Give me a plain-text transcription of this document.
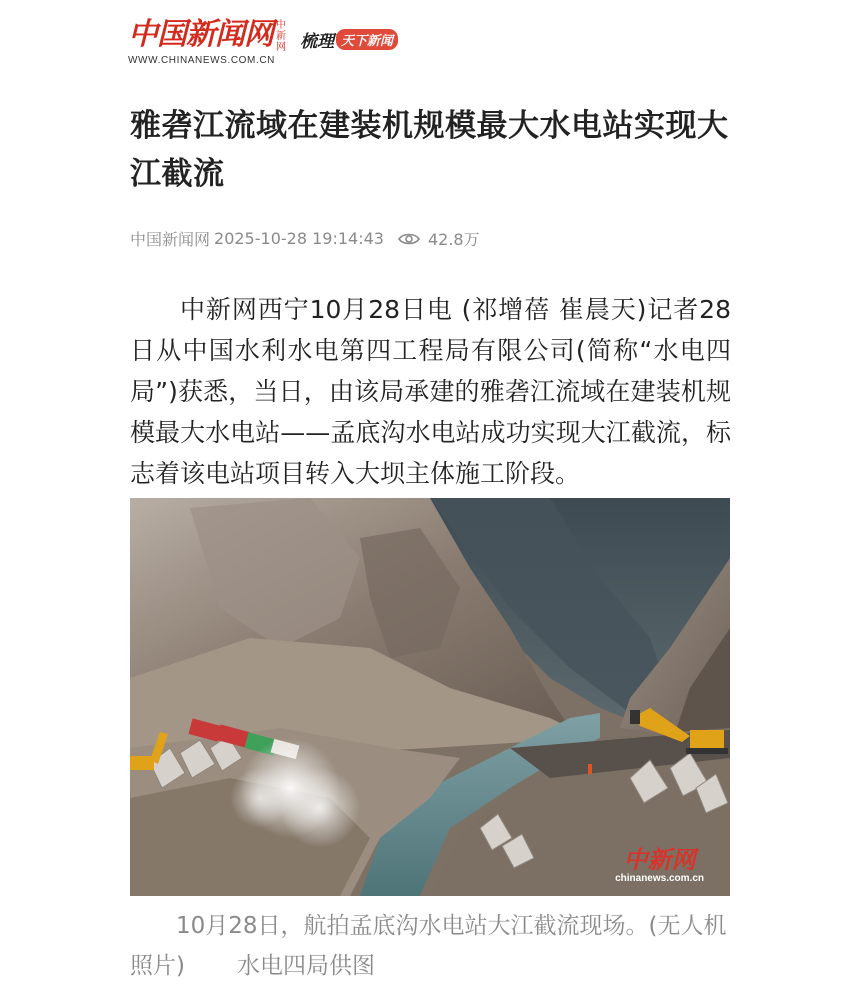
中国新闻网 中新网
WWW.CHINANEWS.COM.CN
梳理 天下新闻
雅砻江流域在建装机规模最大水电站实现大江截流
中国新闻网 2025-10-28 19:14:43	42.8万

中新网西宁10月28日电 (祁增蓓 崔晨天)记者28日从中国水利水电第四工程局有限公司(简称“水电四局”)获悉，当日，由该局承建的雅砻江流域在建装机规模最大水电站——孟底沟水电站成功实现大江截流，标志着该电站项目转入大坝主体施工阶段。

中新网
chinanews.com.cn

10月28日，航拍孟底沟水电站大江截流现场。(无人机照片) 水电四局供图
